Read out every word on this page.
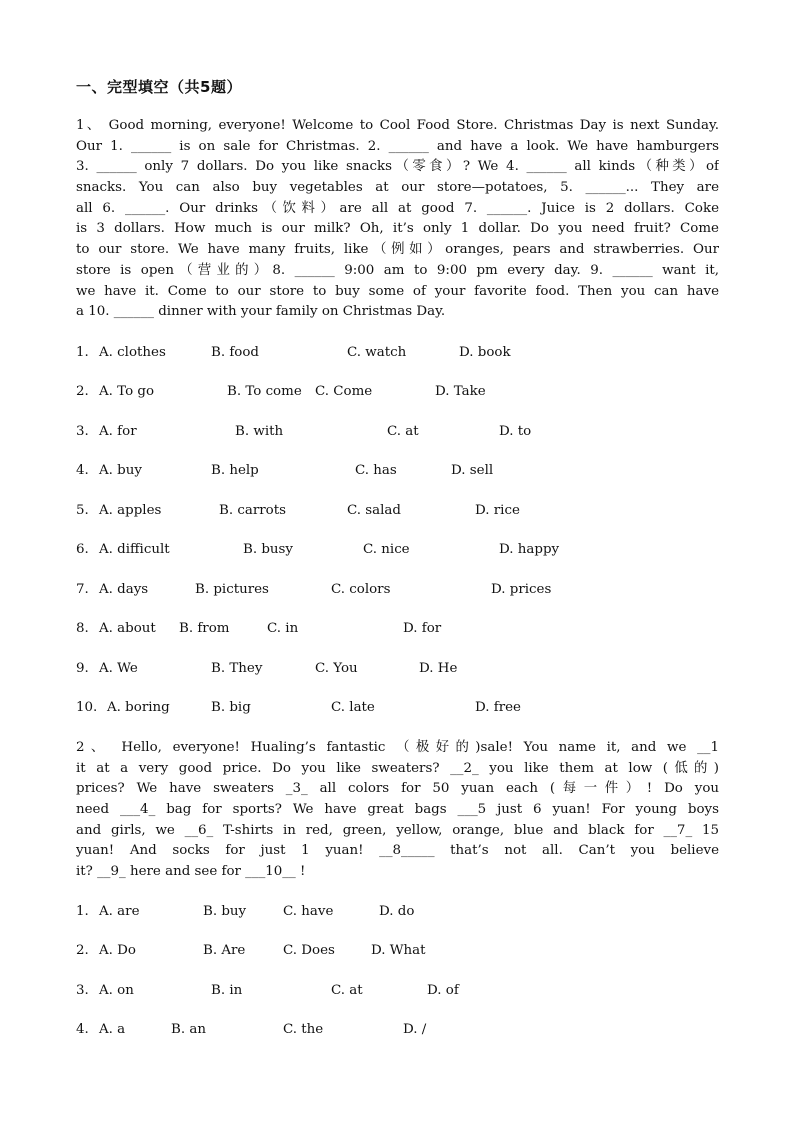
一、完型填空（共5题）
1、 Good morning, everyone! Welcome to Cool Food Store. Christmas Day is next Sunday.
Our 1. ______ is on sale for Christmas. 2. ______ and have a look. We have hamburgers
3. ______ only 7 dollars. Do you like snacks（零食）? We 4. ______ all kinds（种类）of
snacks. You can also buy vegetables at our store—potatoes, 5. ______... They are
all 6. ______. Our drinks（饮料）are all at good 7. ______. Juice is 2 dollars. Coke
is 3 dollars. How much is our milk? Oh, it’s only 1 dollar. Do you need fruit? Come
to our store. We have many fruits, like（例如）oranges, pears and strawberries. Our
store is open（营业的）8. ______ 9:00 am to 9:00 pm every day. 9. ______ want it,
we have it. Come to our store to buy some of your favorite food. Then you can have
a 10. ______ dinner with your family on Christmas Day.
1. A. clothes	B. food	C. watch	D. book
2. A. To go	B. To come C. Come	D. Take
3. A. for	B. with	C. at	D. to
4. A. buy	B. help	C. has	D. sell
5. A. apples	B. carrots	C. salad	D. rice
6. A. difficult	B. busy	C. nice	D. happy
7. A. days	B. pictures	C. colors	D. prices
8. A. about B. from	C. in	D. for
9. A. We	B. They	C. You	D. He
10. A. boring	B. big	C. late	D. free
2、 Hello, everyone! Hualing’s fantastic （极好的)sale! You name it, and we __1
it at a very good price. Do you like sweaters? __2_ you like them at low (低的)
prices? We have sweaters _3_ all colors for 50 yuan each (每一件）! Do you
need ___4_ bag for sports? We have great bags ___5 just 6 yuan! For young boys
and girls, we __6_ T-shirts in red, green, yellow, orange, blue and black for __7_ 15
yuan! And socks for just 1 yuan! __8_____ that’s not all. Can’t you believe
it? __9_ here and see for ___10__ !
1. A. are	B. buy	C. have	D. do
2. A. Do	B. Are	C. Does	D. What
3. A. on	B. in	C. at	D. of
4. A. a	B. an	C. the	D. /
